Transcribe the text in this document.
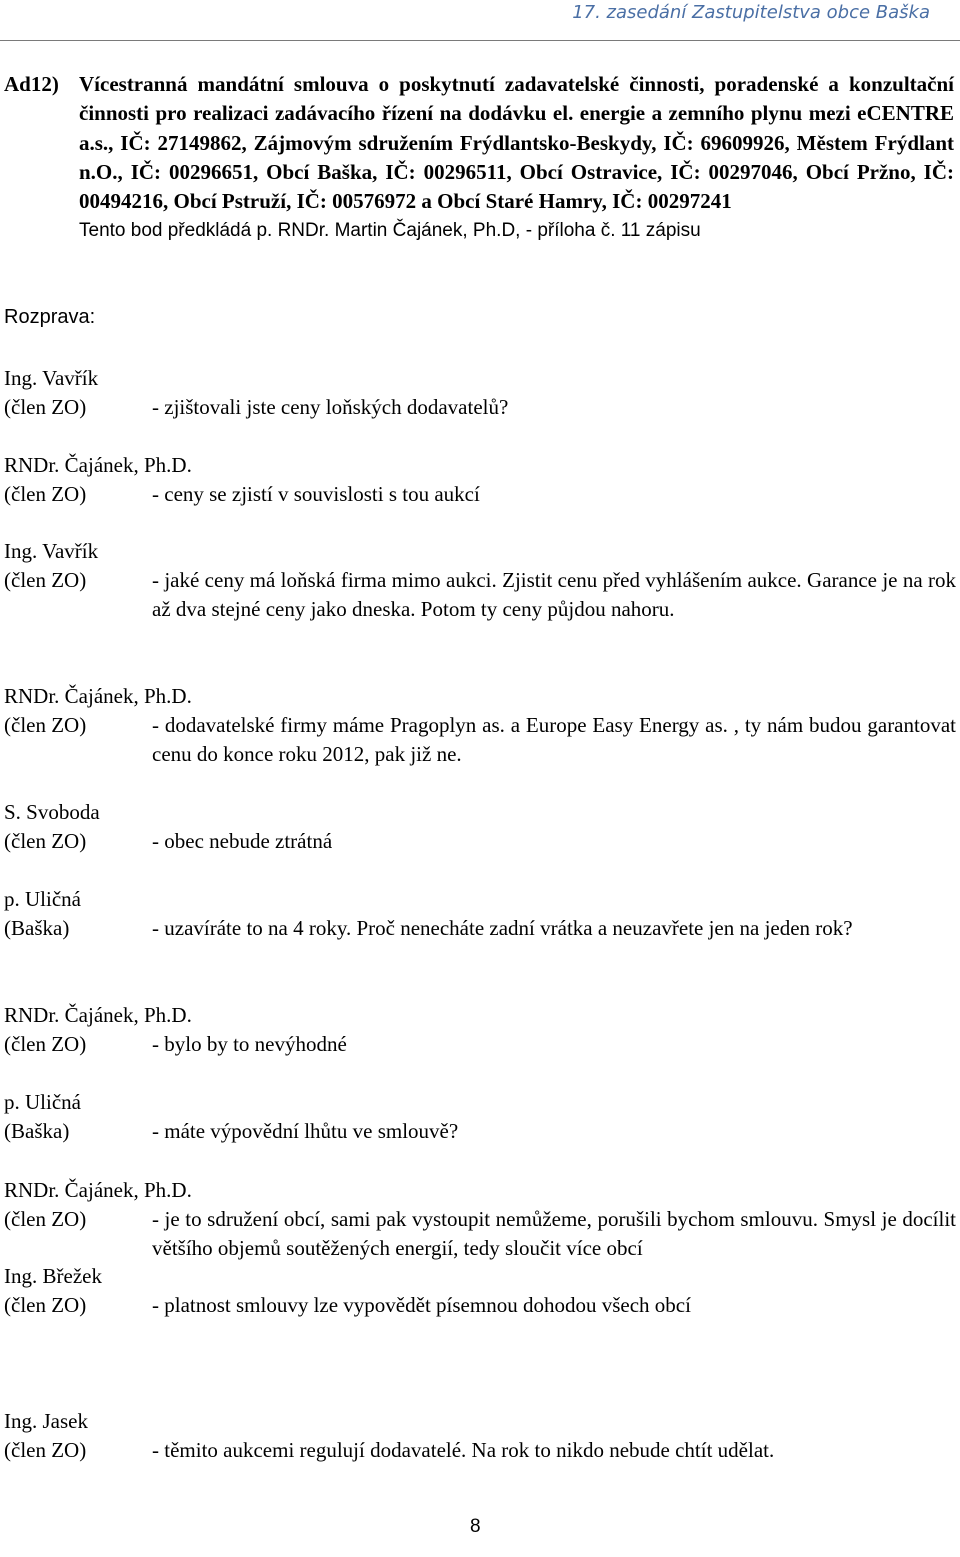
17. zasedání Zastupitelstva obce Baška
Ad12) Vícestranná mandátní smlouva o poskytnutí zadavatelské činnosti, poradenské a konzultační činnosti pro realizaci zadávacího řízení na dodávku el. energie a zemního plynu mezi eCENTRE a.s., IČ: 27149862, Zájmovým sdružením Frýdlantsko-Beskydy, IČ: 69609926, Městem Frýdlant n.O., IČ: 00296651, Obcí Baška, IČ: 00296511, Obcí Ostravice, IČ: 00297046, Obcí Pržno, IČ: 00494216, Obcí Pstruží, IČ: 00576972 a Obcí Staré Hamry, IČ: 00297241
Tento bod předkládá p. RNDr. Martin Čajánek, Ph.D, - příloha č. 11 zápisu
Rozprava:
Ing. Vavřík
(člen ZO)	- zjištovali jste ceny loňských dodavatelů?
RNDr. Čajánek, Ph.D.
(člen ZO)	- ceny se zjistí v souvislosti s tou aukcí
Ing. Vavřík
(člen ZO)	- jaké ceny má loňská firma mimo aukci. Zjistit cenu před vyhlášením aukce. Garance je na rok až dva stejné ceny jako dneska. Potom ty ceny půjdou nahoru.
RNDr. Čajánek, Ph.D.
(člen ZO)	- dodavatelské firmy máme Pragoplyn as. a Europe Easy Energy as. , ty nám budou garantovat cenu do konce roku 2012, pak již ne.
S. Svoboda
(člen ZO)	- obec nebude ztrátná
p. Uličná
(Baška)	- uzavíráte to na 4 roky. Proč nenecháte zadní vrátka a neuzavřete jen na jeden rok?
RNDr. Čajánek, Ph.D.
(člen ZO)	- bylo by to nevýhodné
p. Uličná
(Baška)	- máte výpovědní lhůtu ve smlouvě?
RNDr. Čajánek, Ph.D.
(člen ZO)	- je to sdružení obcí, sami pak vystoupit nemůžeme, porušili bychom smlouvu. Smysl je docílit většího objemů soutěžených energií, tedy sloučit více obcí
Ing. Břežek
(člen ZO)	- platnost smlouvy lze vypovědět písemnou dohodou všech obcí
Ing. Jasek
(člen ZO)	- těmito aukcemi regulují dodavatelé. Na rok to nikdo nebude chtít udělat.
8
